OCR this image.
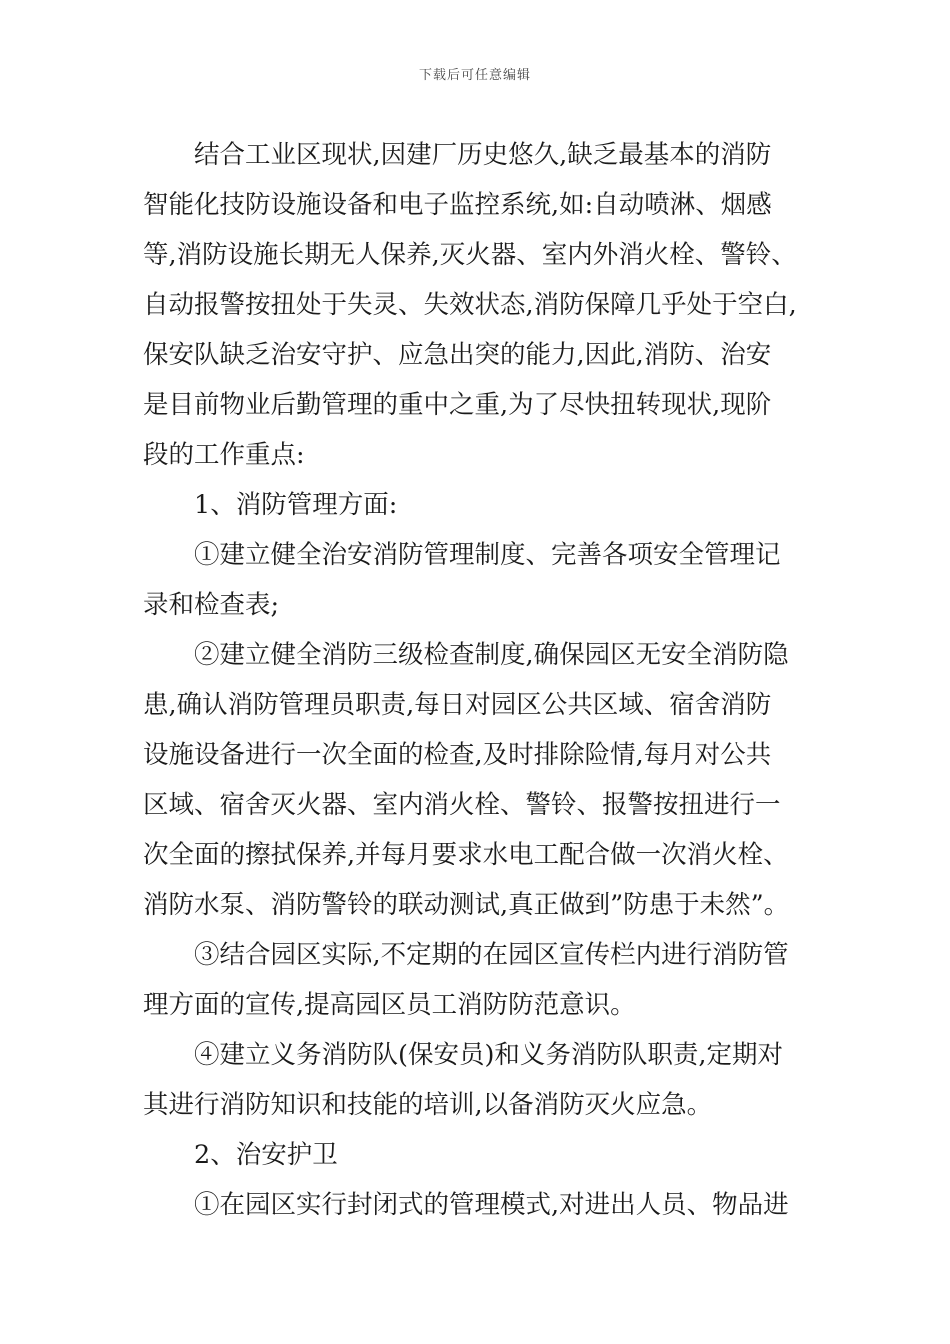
下载后可任意编辑
结合工业区现状,因建厂历史悠久,缺乏最基本的消防
智能化技防设施设备和电子监控系统,如:自动喷淋、烟感
等,消防设施长期无人保养,灭火器、室内外消火栓、警铃、
自动报警按扭处于失灵、失效状态,消防保障几乎处于空白,
保安队缺乏治安守护、应急出突的能力,因此,消防、治安
是目前物业后勤管理的重中之重,为了尽快扭转现状,现阶
段的工作重点:
1、消防管理方面:
①建立健全治安消防管理制度、完善各项安全管理记
录和检查表;
②建立健全消防三级检查制度,确保园区无安全消防隐
患,确认消防管理员职责,每日对园区公共区域、宿舍消防
设施设备进行一次全面的检查,及时排除险情,每月对公共
区域、宿舍灭火器、室内消火栓、警铃、报警按扭进行一
次全面的擦拭保养,并每月要求水电工配合做一次消火栓、
消防水泵、消防警铃的联动测试,真正做到”防患于未然”。
③结合园区实际,不定期的在园区宣传栏内进行消防管
理方面的宣传,提高园区员工消防防范意识。
④建立义务消防队(保安员)和义务消防队职责,定期对
其进行消防知识和技能的培训,以备消防灭火应急。
2、治安护卫
①在园区实行封闭式的管理模式,对进出人员、物品进
